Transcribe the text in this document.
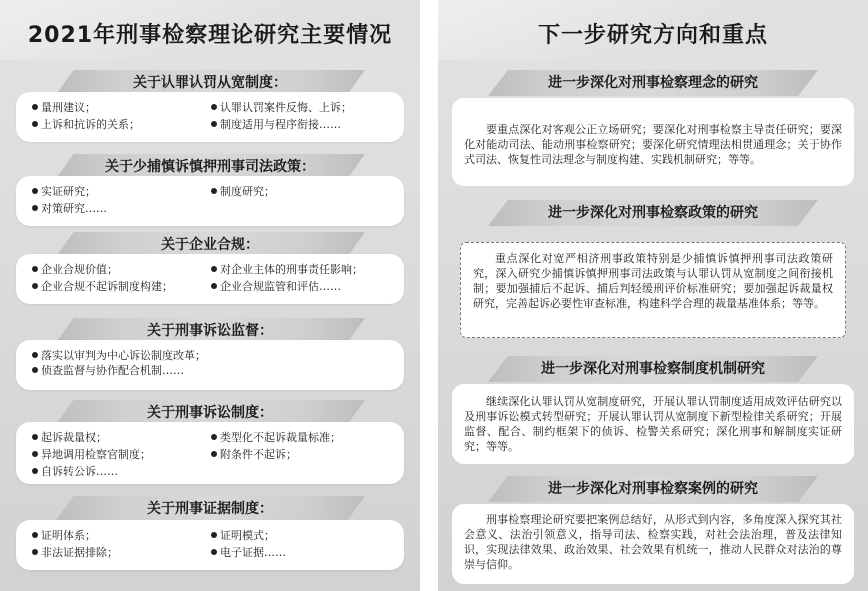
2021年刑事检察理论研究主要情况
关于认罪认罚从宽制度：
量刑建议；	认罪认罚案件反悔、上诉；
上诉和抗诉的关系；	制度适用与程序衔接……
关于少捕慎诉慎押刑事司法政策：
实证研究；	制度研究；
对策研究……
关于企业合规：
企业合规价值；	对企业主体的刑事责任影响；
企业合规不起诉制度构建；	企业合规监管和评估……
关于刑事诉讼监督：
落实以审判为中心诉讼制度改革；
侦查监督与协作配合机制……
关于刑事诉讼制度：
起诉裁量权；	类型化不起诉裁量标准；
异地调用检察官制度；	附条件不起诉；
自诉转公诉……
关于刑事证据制度：
证明体系；	证明模式；
非法证据排除；	电子证据……
下一步研究方向和重点
进一步深化对刑事检察理念的研究
要重点深化对客观公正立场研究；要深化对刑事检察主导责任研究；要深化对能动司法、能动刑事检察研究；要深化研究情理法相贯通理念；关于协作式司法、恢复性司法理念与制度构建、实践机制研究；等等。
进一步深化对刑事检察政策的研究
重点深化对宽严相济刑事政策特别是少捕慎诉慎押刑事司法政策研究，深入研究少捕慎诉慎押刑事司法政策与认罪认罚从宽制度之间衔接机制；要加强捕后不起诉、捕后判轻缓刑评价标准研究；要加强起诉裁量权研究，完善起诉必要性审查标准，构建科学合理的裁量基准体系；等等。
进一步深化对刑事检察制度机制研究
继续深化认罪认罚从宽制度研究，开展认罪认罚制度适用成效评估研究以及刑事诉讼模式转型研究；开展认罪认罚从宽制度下新型检律关系研究；开展监督、配合、制约框架下的侦诉、检警关系研究；深化刑事和解制度实证研究；等等。
进一步深化对刑事检察案例的研究
刑事检察理论研究要把案例总结好，从形式到内容，多角度深入探究其社会意义、法治引领意义，指导司法、检察实践，对社会法治理，普及法律知识，实现法律效果、政治效果、社会效果有机统一，推动人民群众对法治的尊崇与信仰。
